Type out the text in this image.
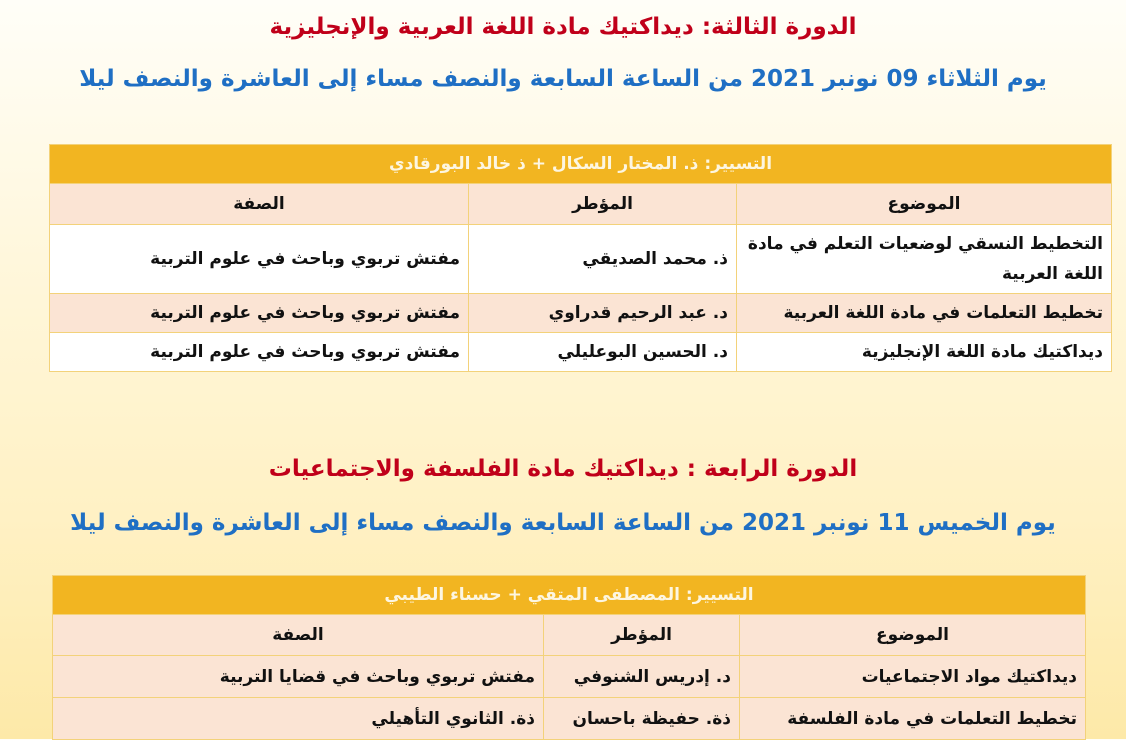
الدورة الثالثة: ديداكتيك مادة اللغة العربية والإنجليزية
يوم الثلاثاء 09 نونبر 2021 من الساعة السابعة والنصف مساء إلى العاشرة والنصف ليلا
التسيير: ذ. المختار السكال + ذ خالد البورقادي		
الموضوع	المؤطر	الصفة
التخطيط النسقي لوضعيات التعلم في مادة اللغة العربية	ذ. محمد الصديقي	مفتش تربوي وباحث في علوم التربية
تخطيط التعلمات في مادة اللغة العربية	د. عبد الرحيم قدراوي	مفتش تربوي وباحث في علوم التربية
ديداكتيك مادة اللغة الإنجليزية	د. الحسين البوعليلي	مفتش تربوي وباحث في علوم التربية
الدورة الرابعة : ديداكتيك مادة الفلسفة والاجتماعيات
يوم الخميس 11 نونبر 2021 من الساعة السابعة والنصف مساء إلى العاشرة والنصف ليلا
التسيير: المصطفى المتقي + حسناء الطيبي		
الموضوع	المؤطر	الصفة
ديداكتيك مواد الاجتماعيات	د. إدريس الشنوفي	مفتش تربوي وباحث في قضايا التربية
تخطيط التعلمات في مادة الفلسفة	ذة. حفيظة باحسان	ذة. الثانوي التأهيلي
